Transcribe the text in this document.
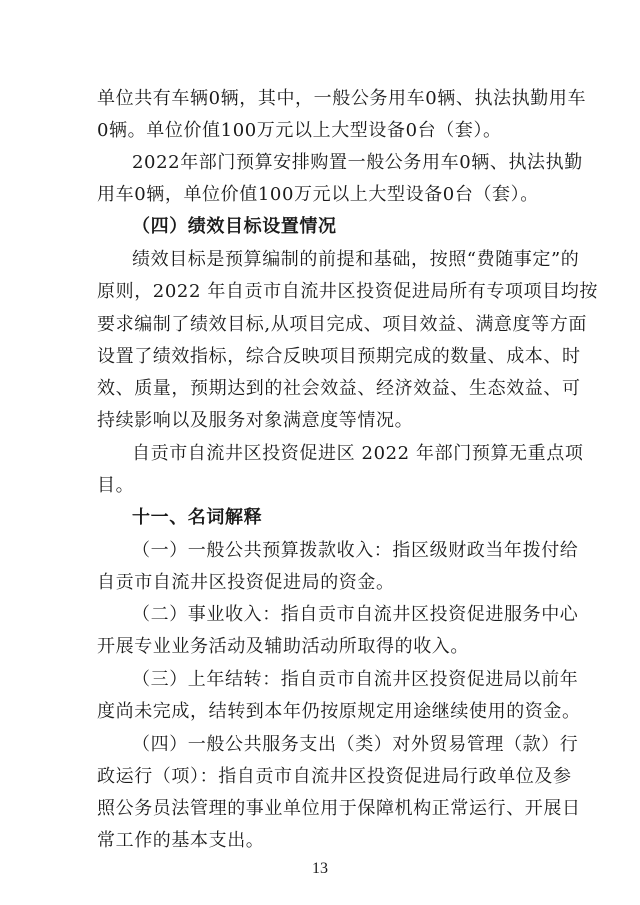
单位共有车辆0辆，其中，一般公务用车0辆、执法执勤用车
0辆。单位价值100万元以上大型设备0台（套）。
2022年部门预算安排购置一般公务用车0辆、执法执勤
用车0辆，单位价值100万元以上大型设备0台（套）。
（四）绩效目标设置情况
绩效目标是预算编制的前提和基础，按照“费随事定”的
原则，2022 年自贡市自流井区投资促进局所有专项项目均按
要求编制了绩效目标,从项目完成、项目效益、满意度等方面
设置了绩效指标，综合反映项目预期完成的数量、成本、时
效、质量，预期达到的社会效益、经济效益、生态效益、可
持续影响以及服务对象满意度等情况。
自贡市自流井区投资促进区 2022 年部门预算无重点项
目。
十一、名词解释
（一）一般公共预算拨款收入：指区级财政当年拨付给
自贡市自流井区投资促进局的资金。
（二）事业收入：指自贡市自流井区投资促进服务中心
开展专业业务活动及辅助活动所取得的收入。
（三）上年结转：指自贡市自流井区投资促进局以前年
度尚未完成，结转到本年仍按原规定用途继续使用的资金。
（四）一般公共服务支出（类）对外贸易管理（款）行
政运行（项）：指自贡市自流井区投资促进局行政单位及参
照公务员法管理的事业单位用于保障机构正常运行、开展日
常工作的基本支出。
13
